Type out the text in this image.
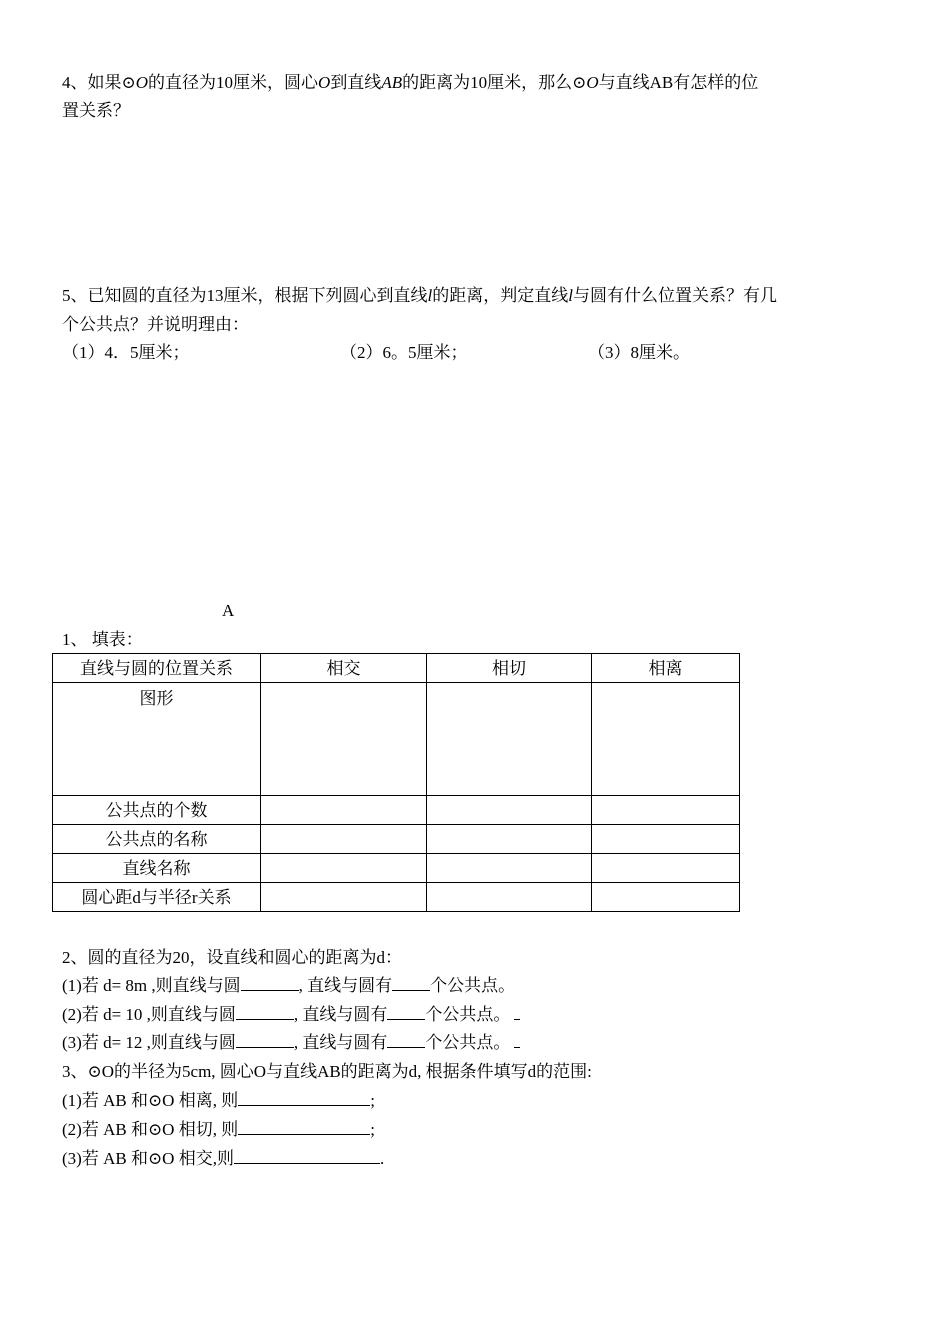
4、如果⊙O的直径为10厘米，圆心O到直线AB的距离为10厘米，那么⊙O与直线AB有怎样的位
置关系？
5、已知圆的直径为13厘米，根据下列圆心到直线l的距离，判定直线l与圆有什么位置关系？有几
个公共点？并说明理由：
（1）4．5厘米；	（2）6。5厘米；	（3）8厘米。
A
1、 填表：
直线与圆的位置关系	相交	相切	相离
图形			
公共点的个数			
公共点的名称			
直线名称			
圆心距d与半径r关系			
2、圆的直径为20，设直线和圆心的距离为d：
(1)若 d= 8m ,则直线与圆	, 直线与圆有 个公共点。
(2)若 d= 10 ,则直线与圆	, 直线与圆有 个公共点。
(3)若 d= 12 ,则直线与圆	, 直线与圆有 个公共点。
3、⊙O的半径为5cm, 圆心O与直线AB的距离为d, 根据条件填写d的范围:
(1)若 AB 和⊙O 相离, 则	;
(2)若 AB 和⊙O 相切, 则	;
(3)若 AB 和⊙O 相交,则	.
